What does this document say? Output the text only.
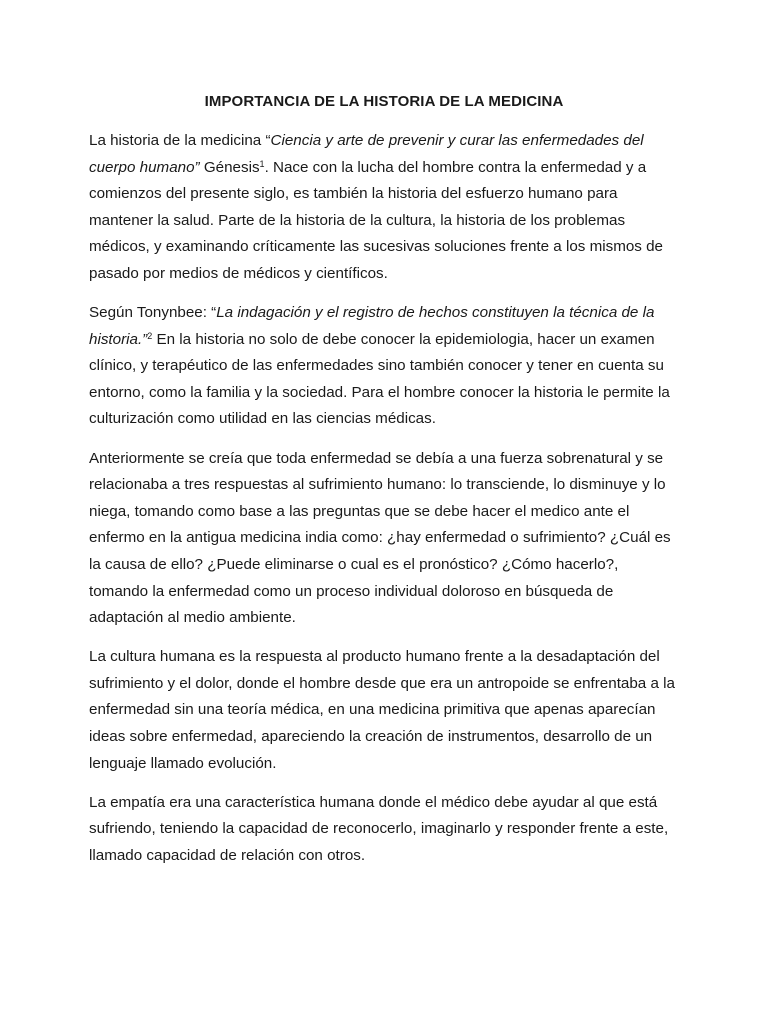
IMPORTANCIA DE LA HISTORIA DE LA MEDICINA

La historia de la medicina “Ciencia y arte de prevenir y curar las enfermedades del
cuerpo humano” Génesis$^1$. Nace con la lucha del hombre contra la enfermedad y a
comienzos del presente siglo, es también la historia del esfuerzo humano para
mantener la salud. Parte de la historia de la cultura, la historia de los problemas
médicos, y examinando críticamente las sucesivas soluciones frente a los mismos de
pasado por medios de médicos y científicos.

Según Tonynbee: “La indagación y el registro de hechos constituyen la técnica de la
historia.”$^2$ En la historia no solo de debe conocer la epidemiologia, hacer un examen
clínico, y terapéutico de las enfermedades sino también conocer y tener en cuenta su
entorno, como la familia y la sociedad. Para el hombre conocer la historia le permite la
culturización como utilidad en las ciencias médicas.

Anteriormente se creía que toda enfermedad se debía a una fuerza sobrenatural y se
relacionaba a tres respuestas al sufrimiento humano: lo transciende, lo disminuye y lo
niega, tomando como base a las preguntas que se debe hacer el medico ante el
enfermo en la antigua medicina india como: ¿hay enfermedad o sufrimiento? ¿Cuál es
la causa de ello? ¿Puede eliminarse o cual es el pronóstico? ¿Cómo hacerlo?,
tomando la enfermedad como un proceso individual doloroso en búsqueda de
adaptación al medio ambiente.

La cultura humana es la respuesta al producto humano frente a la desadaptación del
sufrimiento y el dolor, donde el hombre desde que era un antropoide se enfrentaba a la
enfermedad sin una teoría médica, en una medicina primitiva que apenas aparecían
ideas sobre enfermedad, apareciendo la creación de instrumentos, desarrollo de un
lenguaje llamado evolución.

La empatía era una característica humana donde el médico debe ayudar al que está
sufriendo, teniendo la capacidad de reconocerlo, imaginarlo y responder frente a este,
llamado capacidad de relación con otros.
